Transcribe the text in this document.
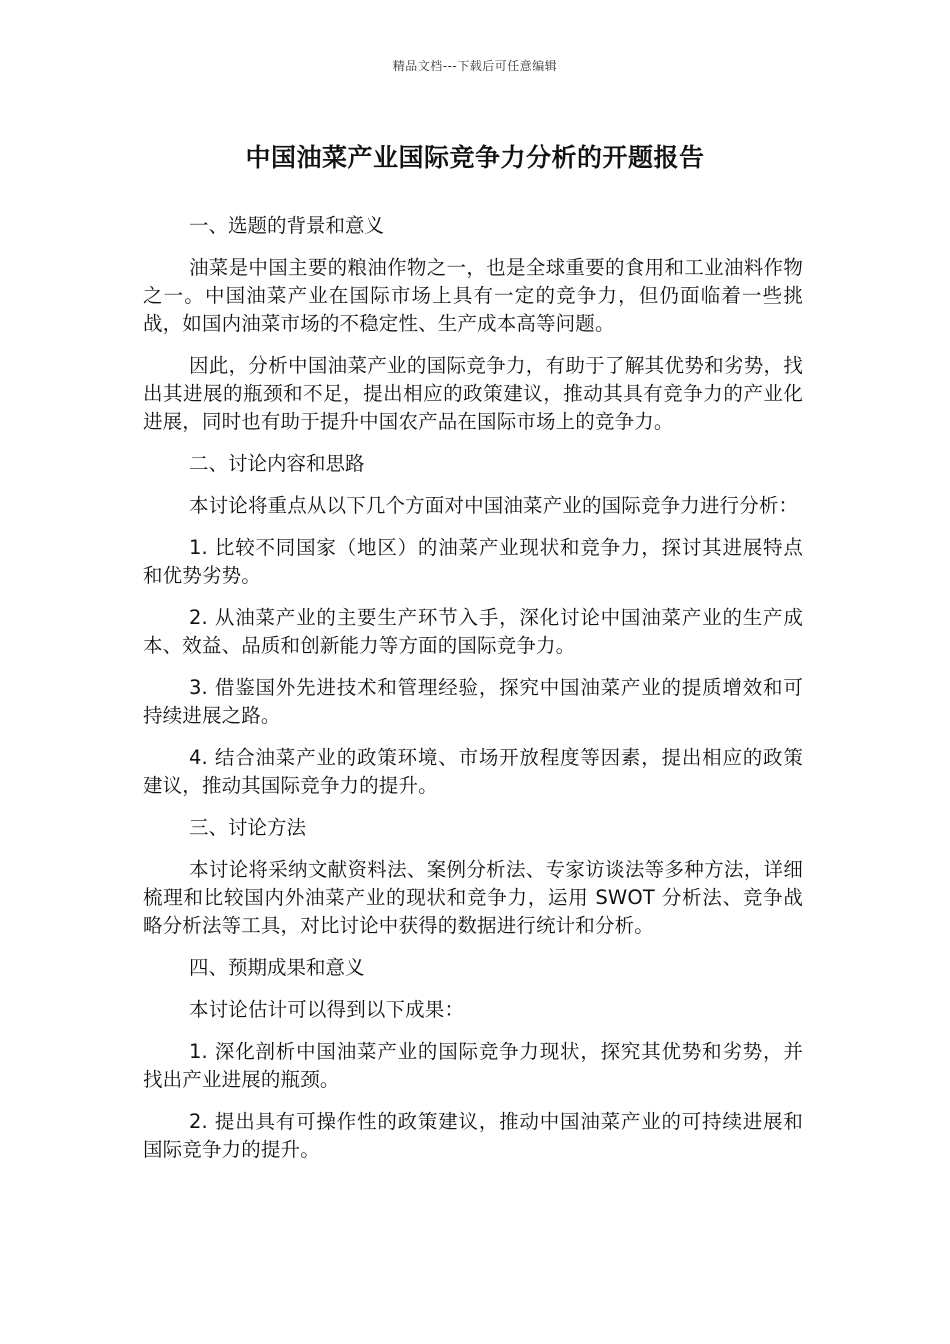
精品文档---下载后可任意编辑
中国油菜产业国际竞争力分析的开题报告
一、选题的背景和意义

油菜是中国主要的粮油作物之一，也是全球重要的食用和工业油料作物之一。中国油菜产业在国际市场上具有一定的竞争力，但仍面临着一些挑战，如国内油菜市场的不稳定性、生产成本高等问题。

因此，分析中国油菜产业的国际竞争力，有助于了解其优势和劣势，找出其进展的瓶颈和不足，提出相应的政策建议，推动其具有竞争力的产业化进展，同时也有助于提升中国农产品在国际市场上的竞争力。

二、讨论内容和思路

本讨论将重点从以下几个方面对中国油菜产业的国际竞争力进行分析：

1. 比较不同国家（地区）的油菜产业现状和竞争力，探讨其进展特点和优势劣势。

2. 从油菜产业的主要生产环节入手，深化讨论中国油菜产业的生产成本、效益、品质和创新能力等方面的国际竞争力。

3. 借鉴国外先进技术和管理经验，探究中国油菜产业的提质增效和可持续进展之路。

4. 结合油菜产业的政策环境、市场开放程度等因素，提出相应的政策建议，推动其国际竞争力的提升。

三、讨论方法

本讨论将采纳文献资料法、案例分析法、专家访谈法等多种方法，详细梳理和比较国内外油菜产业的现状和竞争力，运用 SWOT 分析法、竞争战略分析法等工具，对比讨论中获得的数据进行统计和分析。

四、预期成果和意义

本讨论估计可以得到以下成果：

1. 深化剖析中国油菜产业的国际竞争力现状，探究其优势和劣势，并找出产业进展的瓶颈。

2. 提出具有可操作性的政策建议，推动中国油菜产业的可持续进展和国际竞争力的提升。
